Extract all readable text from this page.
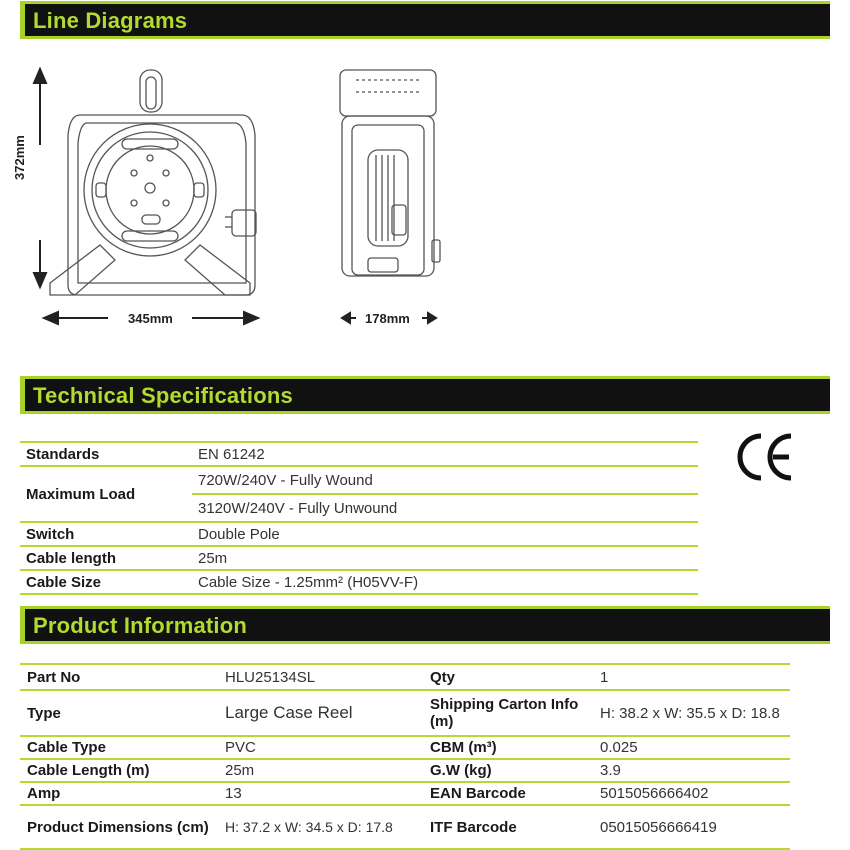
Line Diagrams
372mm
345mm	178mm
Technical Specifications
Standards	EN 61242
Maximum Load	720W/240V - Fully Wound
	3120W/240V - Fully Unwound
Switch	Double Pole
Cable length	25m
Cable Size	Cable Size - 1.25mm² (H05VV-F)
Product Information
Part No	HLU25134SL	Qty	1
Type	Large Case Reel	Shipping Carton Info (m)	H: 38.2 x W: 35.5 x D: 18.8
Cable Type	PVC	CBM (m³)	0.025
Cable Length (m)	25m	G.W (kg)	3.9
Amp	13	EAN Barcode	5015056666402
Product Dimensions (cm)	H: 37.2 x W: 34.5 x D: 17.8	ITF Barcode	05015056666419
